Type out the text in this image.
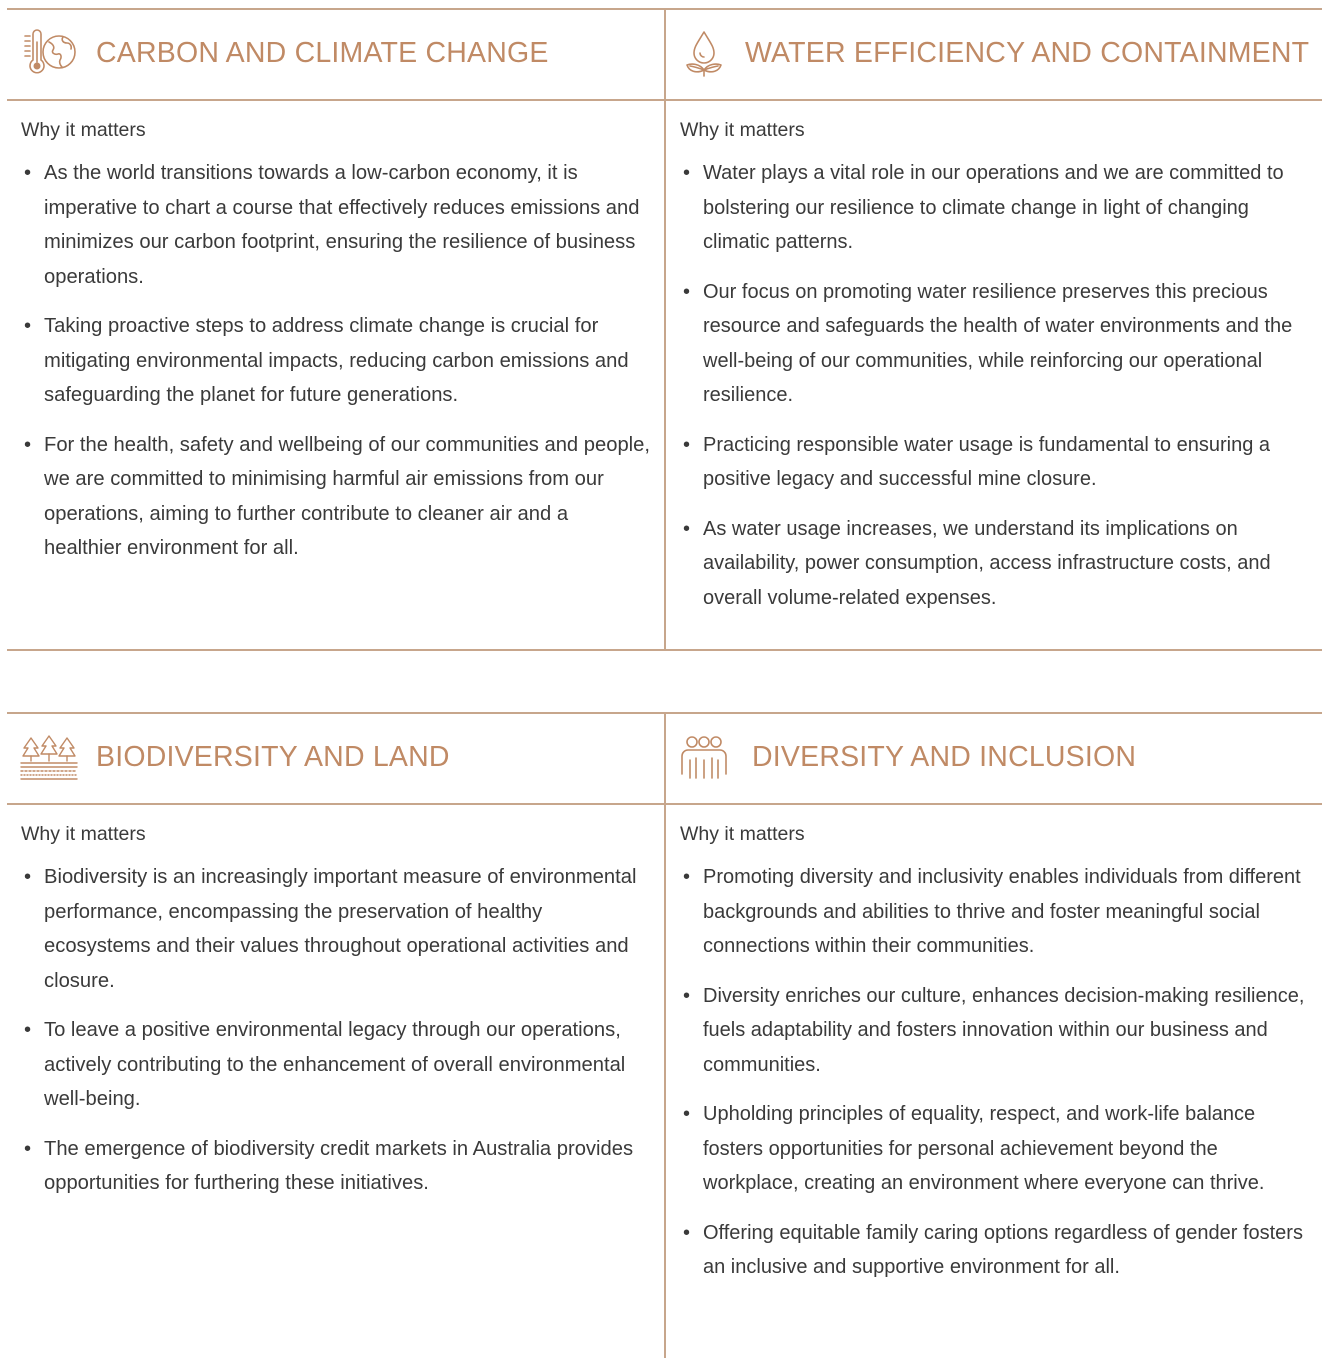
CARBON AND CLIMATE CHANGE

Why it matters

• As the world transitions towards a low-carbon economy, it is imperative to chart a course that effectively reduces emissions and minimizes our carbon footprint, ensuring the resilience of business operations.
• Taking proactive steps to address climate change is crucial for mitigating environmental impacts, reducing carbon emissions and safeguarding the planet for future generations.
• For the health, safety and wellbeing of our communities and people, we are committed to minimising harmful air emissions from our operations, aiming to further contribute to cleaner air and a healthier environment for all.
WATER EFFICIENCY AND CONTAINMENT

Why it matters

• Water plays a vital role in our operations and we are committed to bolstering our resilience to climate change in light of changing climatic patterns.
• Our focus on promoting water resilience preserves this precious resource and safeguards the health of water environments and the well-being of our communities, while reinforcing our operational resilience.
• Practicing responsible water usage is fundamental to ensuring a positive legacy and successful mine closure.
• As water usage increases, we understand its implications on availability, power consumption, access infrastructure costs, and overall volume-related expenses.
BIODIVERSITY AND LAND

Why it matters

• Biodiversity is an increasingly important measure of environmental performance, encompassing the preservation of healthy ecosystems and their values throughout operational activities and closure.
• To leave a positive environmental legacy through our operations, actively contributing to the enhancement of overall environmental well-being.
• The emergence of biodiversity credit markets in Australia provides opportunities for furthering these initiatives.
DIVERSITY AND INCLUSION

Why it matters

• Promoting diversity and inclusivity enables individuals from different backgrounds and abilities to thrive and foster meaningful social connections within their communities.
• Diversity enriches our culture, enhances decision-making resilience, fuels adaptability and fosters innovation within our business and communities.
• Upholding principles of equality, respect, and work-life balance fosters opportunities for personal achievement beyond the workplace, creating an environment where everyone can thrive.
• Offering equitable family caring options regardless of gender fosters an inclusive and supportive environment for all.
